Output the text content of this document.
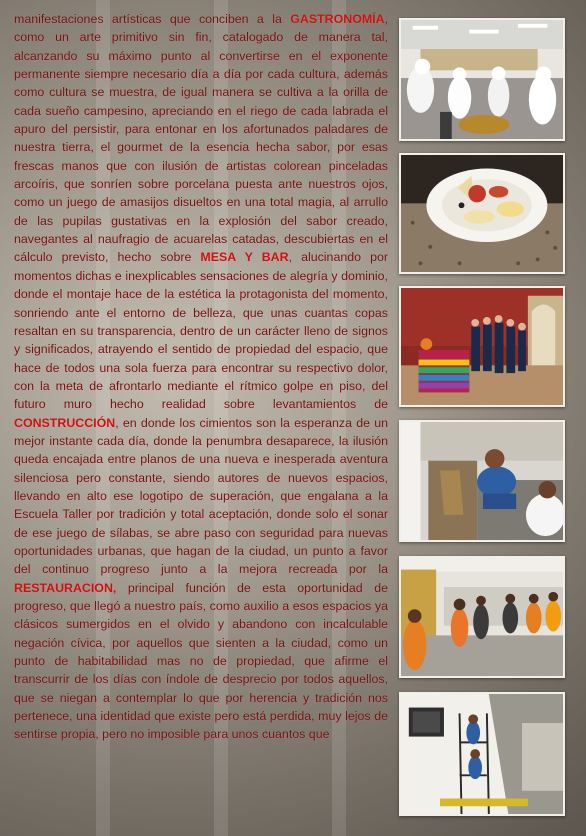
manifestaciones artísticas que conciben a la GASTRONOMÍA, como un arte primitivo sin fin, catalogado de manera tal, alcanzando su máximo punto al convertirse en el exponente permanente siempre necesario día a día por cada cultura, además como cultura se muestra, de igual manera se cultiva a la orilla de cada sueño campesino, apreciando en el riego de cada labrada el apuro del persistir, para entonar en los afortunados paladares de nuestra tierra, el gourmet de la esencia hecha sabor, por esas frescas manos que con ilusión de artistas colorean pinceladas arcoíris, que sonríen sobre porcelana puesta ante nuestros ojos, como un juego de amasijos disueltos en una total magia, al arrullo de las pupilas gustativas en la explosión del sabor creado, navegantes al naufragio de acuarelas catadas, descubiertas en el cálculo previsto, hecho sobre MESA Y BAR, alucinando por momentos dichas e inexplicables sensaciones de alegría y dominio, donde el montaje hace de la estética la protagonista del momento, sonriendo ante el entorno de belleza, que unas cuantas copas resaltan en su transparencia, dentro de un carácter lleno de signos y significados, atrayendo el sentido de propiedad del espacio, que hace de todos una sola fuerza para encontrar su respectivo dolor, con la meta de afrontarlo mediante el rítmico golpe en piso, del futuro muro hecho realidad sobre levantamientos de CONSTRUCCIÓN, en donde los cimientos son la esperanza de un mejor instante cada día, donde la penumbra desaparece, la ilusión queda encajada entre planos de una nueva e inesperada aventura silenciosa pero constante, siendo autores de nuevos espacios, llevando en alto ese logotipo de superación, que engalana a la Escuela Taller por tradición y total aceptación, donde solo el sonar de ese juego de sílabas, se abre paso con seguridad para nuevas oportunidades urbanas, que hagan de la ciudad, un punto a favor del continuo progreso junto a la mejora recreada por la RESTAURACION, principal función de esta oportunidad de progreso, que llegó a nuestro país, como auxilio a esos espacios ya clásicos sumergidos en el olvido y abandono con incalculable negación cívica, por aquellos que sienten a la ciudad, como un punto de habitabilidad mas no de propiedad, que afirme el transcurrir de los días con índole de desprecio por todos aquellos, que se niegan a contemplar lo que por herencia y tradición nos pertenece, una identidad que existe pero está perdida, muy lejos de sentirse propia, pero no imposible para unos cuantos que
